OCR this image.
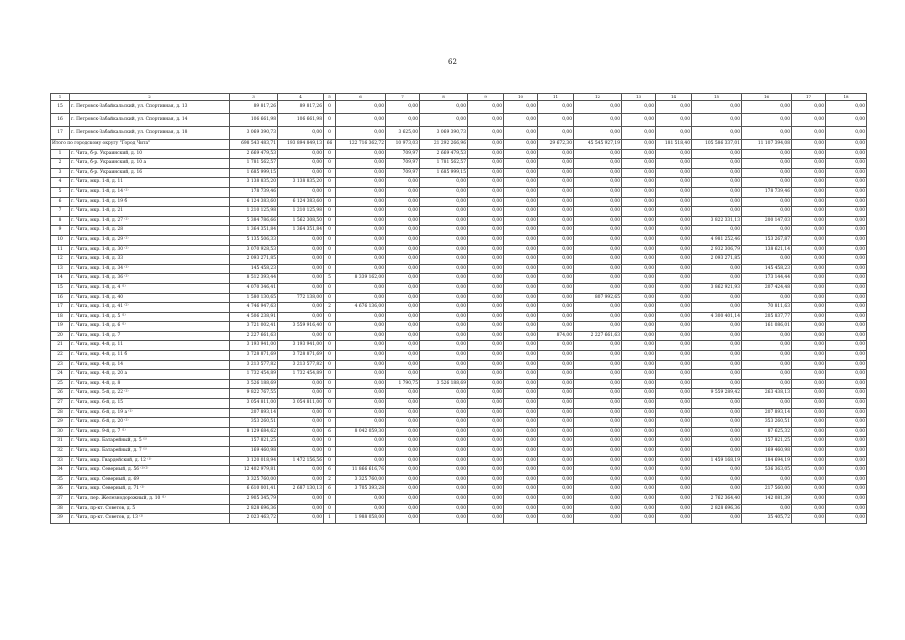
62
1	2	3	4	5	6	7	8	9	10	11	12	13	14	15	16	17	18
15	г. Петровск-Забайкальский, ул. Спортивная, д. 13	89 817,26	89 817,26	0	0,00	0,00	0,00	0,00	0,00	0,00	0,00	0,00	0,00	0,00	0,00	0,00	0,00
16	г. Петровск-Забайкальский, ул. Спортивная, д. 14	106 661,98	106 661,98	0	0,00	0,00	0,00	0,00	0,00	0,00	0,00	0,00	0,00	0,00	0,00	0,00	0,00
17	г. Петровск-Забайкальский, ул. Спортивная, д. 18	3 069 390,73	0,00	0	0,00	3 625,00	3 069 390,73	0,00	0,00	0,00	0,00	0,00	0,00	0,00	0,00	0,00	0,00
Итого по городскому округу "Город Чита"		698 543 483,71	193 894 849,13	66	122 716 362,72	10 973,03	21 292 266,96	0,00	0,00	29 672,30	45 545 927,19	0,00	181 518,40	105 586 337,01	11 107 394,08	0,00	0,00
1	г. Чита, б-р. Украинский, д. 10	2 669 479,53	0,00	0	0,00	709,97	2 669 479,53	0,00	0,00	0,00	0,00	0,00	0,00	0,00	0,00	0,00	0,00
2	г. Чита, б-р. Украинский, д. 10 а	1 781 562,57	0,00	0	0,00	709,97	1 781 562,57	0,00	0,00	0,00	0,00	0,00	0,00	0,00	0,00	0,00	0,00
3	г. Чита, б-р. Украинский, д. 16	1 685 999,15	0,00	0	0,00	709,97	1 685 999,15	0,00	0,00	0,00	0,00	0,00	0,00	0,00	0,00	0,00	0,00
4	г. Чита, мкр. 1-й, д. 11	3 138 835,20	3 138 835,20	0	0,00	0,00	0,00	0,00	0,00	0,00	0,00	0,00	0,00	0,00	0,00	0,00	0,00
5	г. Чита, мкр. 1-й, д. 14 ⁽¹⁾	178 739,46	0,00	0	0,00	0,00	0,00	0,00	0,00	0,00	0,00	0,00	0,00	0,00	178 739,46	0,00	0,00
6	г. Чита, мкр. 1-й, д. 19 б	6 124 383,60	6 124 383,60	0	0,00	0,00	0,00	0,00	0,00	0,00	0,00	0,00	0,00	0,00	0,00	0,00	0,00
7	г. Чита, мкр. 1-й, д. 21	1 210 125,98	1 210 125,98	0	0,00	0,00	0,00	0,00	0,00	0,00	0,00	0,00	0,00	0,00	0,00	0,00	0,00
8	г. Чита, мкр. 1-й, д. 27 ⁽¹⁾	5 384 786,66	1 562 308,50	0	0,00	0,00	0,00	0,00	0,00	0,00	0,00	0,00	0,00	3 822 331,13	200 147,03	0,00	0,00
9	г. Чита, мкр. 1-й, д. 28	1 364 351,84	1 364 351,84	0	0,00	0,00	0,00	0,00	0,00	0,00	0,00	0,00	0,00	0,00	0,00	0,00	0,00
10	г. Чита, мкр. 1-й, д. 29 ⁽¹⁾	5 135 506,33	0,00	0	0,00	0,00	0,00	0,00	0,00	0,00	0,00	0,00	0,00	4 981 252,46	153 267,87	0,00	0,00
11	г. Чита, мкр. 1-й, д. 30 ⁽¹⁾	3 070 928,53	0,00	0	0,00	0,00	0,00	0,00	0,00	0,00	0,00	0,00	0,00	2 932 306,79	138 621,14	0,00	0,00
12	г. Чита, мкр. 1-й, д. 33	2 093 271,85	0,00	0	0,00	0,00	0,00	0,00	0,00	0,00	0,00	0,00	0,00	2 093 271,85	0,00	0,00	0,00
13	г. Чита, мкр. 1-й, д. 34 ⁽¹⁾	145 458,23	0,00	0	0,00	0,00	0,00	0,00	0,00	0,00	0,00	0,00	0,00	0,00	145 458,23	0,00	0,00
14	г. Чита, мкр. 1-й, д. 36 ⁽¹⁾	8 512 393,44	0,00	5	8 339 162,00	0,00	0,00	0,00	0,00	0,00	0,00	0,00	0,00	0,00	173 144,44	0,00	0,00
15	г. Чита, мкр. 1-й, д. 4 ⁽¹⁾	4 070 346,41	0,00	0	0,00	0,00	0,00	0,00	0,00	0,00	0,00	0,00	0,00	3 862 921,93	207 424,48	0,00	0,00
16	г. Чита, мкр. 1-й, д. 40	1 580 130,65	772 138,00	0	0,00	0,00	0,00	0,00	0,00	0,00	807 992,65	0,00	0,00	0,00	0,00	0,00	0,00
17	г. Чита, мкр. 1-й, д. 41 ⁽²⁾	4 746 947,63	0,00	2	4 676 136,00	0,00	0,00	0,00	0,00	0,00	0,00	0,00	0,00	0,00	70 811,63	0,00	0,00
18	г. Чита, мкр. 1-й, д. 5 ⁽¹⁾	4 506 238,91	0,00	0	0,00	0,00	0,00	0,00	0,00	0,00	0,00	0,00	0,00	4 300 401,14	205 837,77	0,00	0,00
19	г. Чита, мкр. 1-й, д. 6 ⁽¹⁾	3 721 002,41	3 559 916,40	0	0,00	0,00	0,00	0,00	0,00	0,00	0,00	0,00	0,00	0,00	161 086,01	0,00	0,00
20	г. Чита, мкр. 1-й, д. 7	2 227 661,63	0,00	0	0,00	0,00	0,00	0,00	0,00	874,00	2 227 661,63	0,00	0,00	0,00	0,00	0,00	0,00
21	г. Чита, мкр. 4-й, д. 11	3 193 941,00	3 193 941,00	0	0,00	0,00	0,00	0,00	0,00	0,00	0,00	0,00	0,00	0,00	0,00	0,00	0,00
22	г. Чита, мкр. 4-й, д. 11 б	3 728 871,69	3 728 871,69	0	0,00	0,00	0,00	0,00	0,00	0,00	0,00	0,00	0,00	0,00	0,00	0,00	0,00
23	г. Чита, мкр. 4-й, д. 14	3 213 577,82	3 213 577,82	0	0,00	0,00	0,00	0,00	0,00	0,00	0,00	0,00	0,00	0,00	0,00	0,00	0,00
24	г. Чита, мкр. 4-й, д. 20 а	1 732 454,89	1 732 454,89	0	0,00	0,00	0,00	0,00	0,00	0,00	0,00	0,00	0,00	0,00	0,00	0,00	0,00
25	г. Чита, мкр. 4-й, д. 8	3 526 188,69	0,00	0	0,00	1 790,75	3 526 188,69	0,00	0,00	0,00	0,00	0,00	0,00	0,00	0,00	0,00	0,00
26	г. Чита, мкр. 5-й, д. 22 ⁽¹⁾	9 822 767,55	0,00	0	0,00	0,00	0,00	0,00	0,00	0,00	0,00	0,00	0,00	9 559 289,42	263 438,13	0,00	0,00
27	г. Чита, мкр. 6-й, д. 15	3 054 811,00	3 054 811,00	0	0,00	0,00	0,00	0,00	0,00	0,00	0,00	0,00	0,00	0,00	0,00	0,00	0,00
28	г. Чита, мкр. 6-й, д. 19 а ⁽¹⁾	207 893,14	0,00	0	0,00	0,00	0,00	0,00	0,00	0,00	0,00	0,00	0,00	0,00	207 893,14	0,00	0,00
29	г. Чита, мкр. 6-й, д. 20 ⁽¹⁾	353 260,51	0,00	0	0,00	0,00	0,00	0,00	0,00	0,00	0,00	0,00	0,00	0,00	353 260,51	0,00	0,00
30	г. Чита, мкр. 9-й, д. 7 ⁽¹⁾	8 129 684,62	0,00	6	8 042 059,30	0,00	0,00	0,00	0,00	0,00	0,00	0,00	0,00	0,00	87 625,32	0,00	0,00
31	г. Чита, мкр. Батарейный, д. 5 ⁽¹⁾	157 821,25	0,00	0	0,00	0,00	0,00	0,00	0,00	0,00	0,00	0,00	0,00	0,00	157 821,25	0,00	0,00
32	г. Чита, мкр. Батарейный, д. 7 ⁽¹⁾	169 460,98	0,00	0	0,00	0,00	0,00	0,00	0,00	0,00	0,00	0,00	0,00	0,00	169 460,98	0,00	0,00
33	г. Чита, мкр. Гвардейский, д. 12 ⁽¹⁾	3 120 018,94	1 472 156,56	0	0,00	0,00	0,00	0,00	0,00	0,00	0,00	0,00	0,00	1 459 168,19	184 694,19	0,00	0,00
34	г. Чита, мкр. Северный, д. 56 ⁽¹⁾⁽²⁾	12 402 979,81	0,00	6	11 866 616,76	0,00	0,00	0,00	0,00	0,00	0,00	0,00	0,00	0,00	536 363,05	0,00	0,00
35	г. Чита, мкр. Северный, д. 69	3 325 760,00	0,00	2	3 325 760,00	0,00	0,00	0,00	0,00	0,00	0,00	0,00	0,00	0,00	0,00	0,00	0,00
36	г. Чита, мкр. Северный, д. 71 ⁽¹⁾	6 610 001,41	2 687 130,13	6	3 705 393,28	0,00	0,00	0,00	0,00	0,00	0,00	0,00	0,00	0,00	217 560,00	0,00	0,00
37	г. Чита, пер. Железнодорожный, д. 10 ⁽¹⁾	2 905 345,79	0,00	0	0,00	0,00	0,00	0,00	0,00	0,00	0,00	0,00	0,00	2 762 364,40	142 081,39	0,00	0,00
38	г. Чита, пр-кт. Советов, д. 5	2 828 696,36	0,00	0	0,00	0,00	0,00	0,00	0,00	0,00	0,00	0,00	0,00	2 828 696,36	0,00	0,00	0,00
39	г. Чита, пр-кт. Советов, д. 13 ⁽¹⁾	2 023 463,72	0,00	1	1 988 058,00	0,00	0,00	0,00	0,00	0,00	0,00	0,00	0,00	0,00	35 405,72	0,00	0,00
